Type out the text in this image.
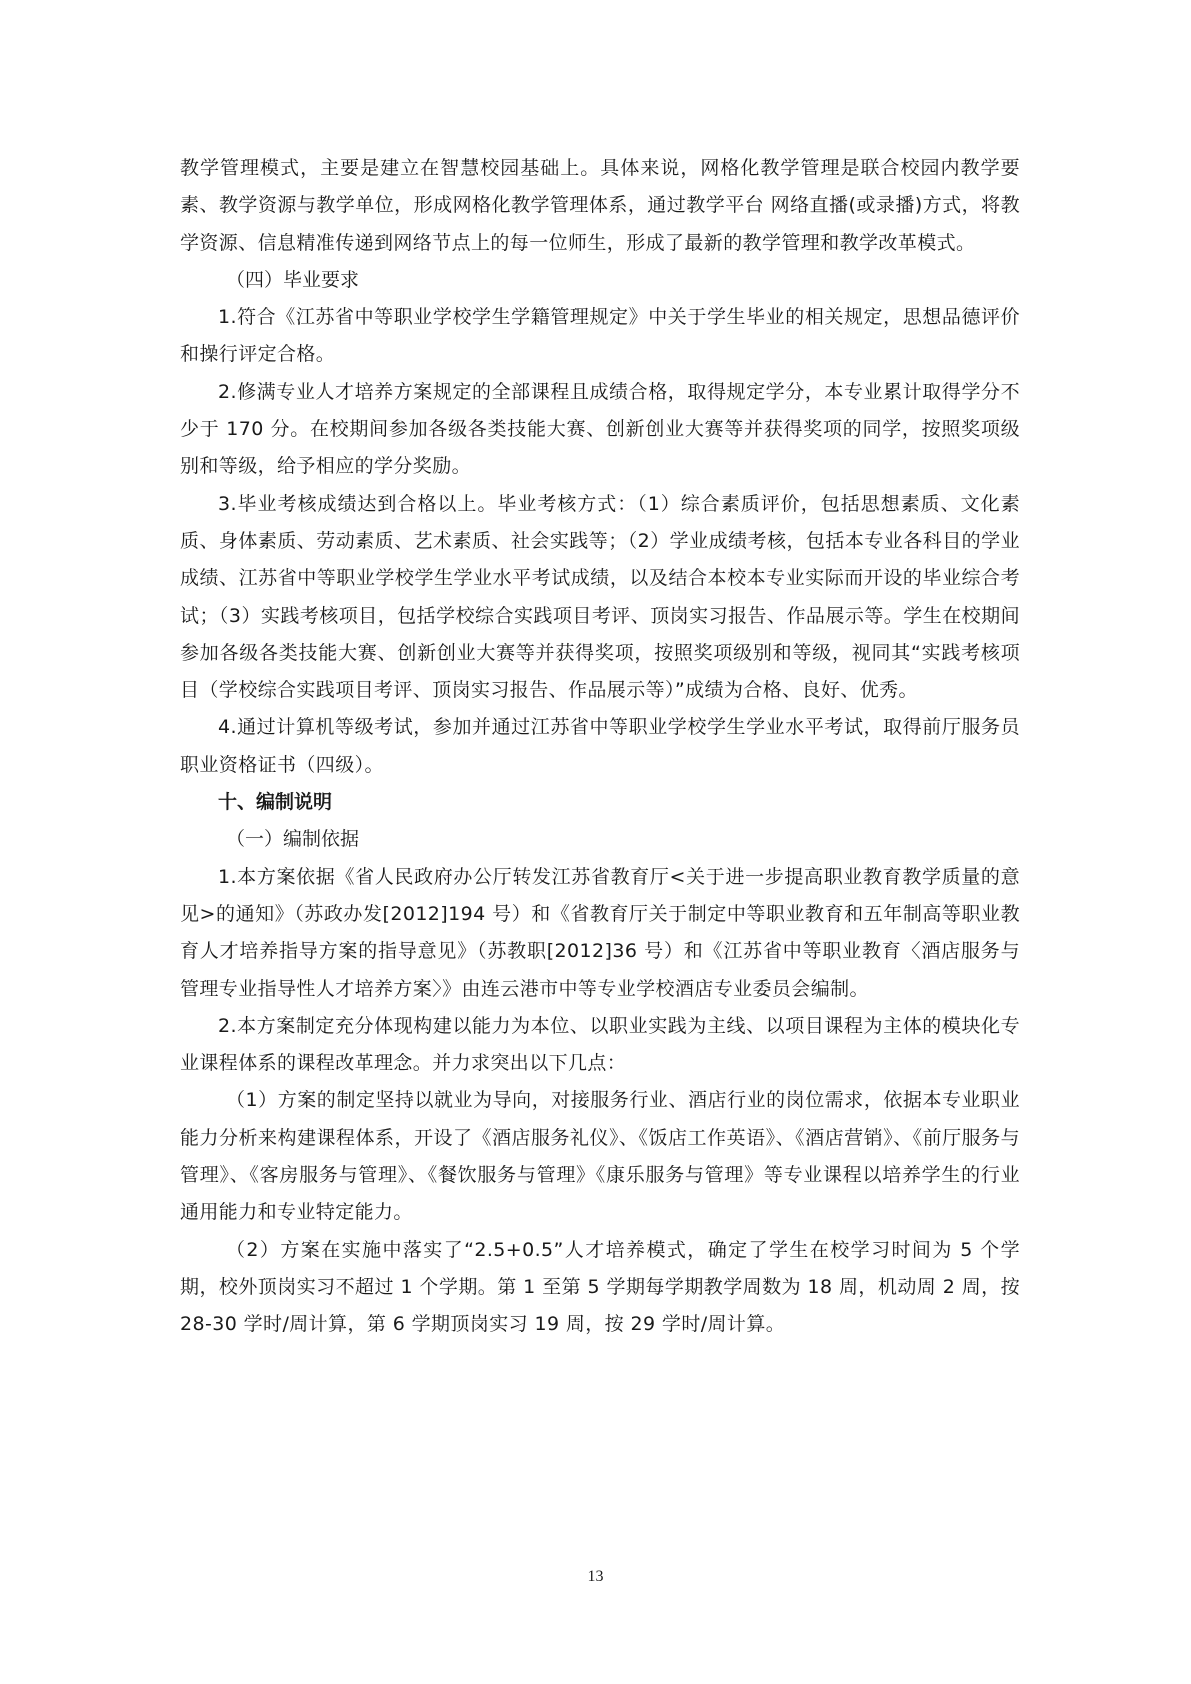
教学管理模式，主要是建立在智慧校园基础上。具体来说，网格化教学管理是联合校园内教学要素、教学资源与教学单位，形成网格化教学管理体系，通过教学平台 网络直播(或录播)方式，将教学资源、信息精准传递到网络节点上的每一位师生，形成了最新的教学管理和教学改革模式。

（四）毕业要求

1.符合《江苏省中等职业学校学生学籍管理规定》中关于学生毕业的相关规定，思想品德评价和操行评定合格。

2.修满专业人才培养方案规定的全部课程且成绩合格，取得规定学分，本专业累计取得学分不少于 170 分。在校期间参加各级各类技能大赛、创新创业大赛等并获得奖项的同学，按照奖项级别和等级，给予相应的学分奖励。

3.毕业考核成绩达到合格以上。毕业考核方式：（1）综合素质评价，包括思想素质、文化素质、身体素质、劳动素质、艺术素质、社会实践等；（2）学业成绩考核，包括本专业各科目的学业成绩、江苏省中等职业学校学生学业水平考试成绩，以及结合本校本专业实际而开设的毕业综合考试；（3）实践考核项目，包括学校综合实践项目考评、顶岗实习报告、作品展示等。学生在校期间参加各级各类技能大赛、创新创业大赛等并获得奖项，按照奖项级别和等级，视同其“实践考核项目（学校综合实践项目考评、顶岗实习报告、作品展示等）”成绩为合格、良好、优秀。

4.通过计算机等级考试，参加并通过江苏省中等职业学校学生学业水平考试，取得前厅服务员职业资格证书（四级）。

十、编制说明

（一）编制依据

1.本方案依据《省人民政府办公厅转发江苏省教育厅<关于进一步提高职业教育教学质量的意见>的通知》（苏政办发[2012]194 号）和《省教育厅关于制定中等职业教育和五年制高等职业教育人才培养指导方案的指导意见》（苏教职[2012]36 号）和《江苏省中等职业教育〈酒店服务与管理专业指导性人才培养方案〉》由连云港市中等专业学校酒店专业委员会编制。

2.本方案制定充分体现构建以能力为本位、以职业实践为主线、以项目课程为主体的模块化专业课程体系的课程改革理念。并力求突出以下几点：

（1）方案的制定坚持以就业为导向，对接服务行业、酒店行业的岗位需求，依据本专业职业能力分析来构建课程体系，开设了《酒店服务礼仪》、《饭店工作英语》、《酒店营销》、《前厅服务与管理》、《客房服务与管理》、《餐饮服务与管理》《康乐服务与管理》等专业课程以培养学生的行业通用能力和专业特定能力。

（2）方案在实施中落实了“2.5+0.5”人才培养模式，确定了学生在校学习时间为 5 个学期，校外顶岗实习不超过 1 个学期。第 1 至第 5 学期每学期教学周数为 18 周，机动周 2 周，按 28-30 学时/周计算，第 6 学期顶岗实习 19 周，按 29 学时/周计算。

13
